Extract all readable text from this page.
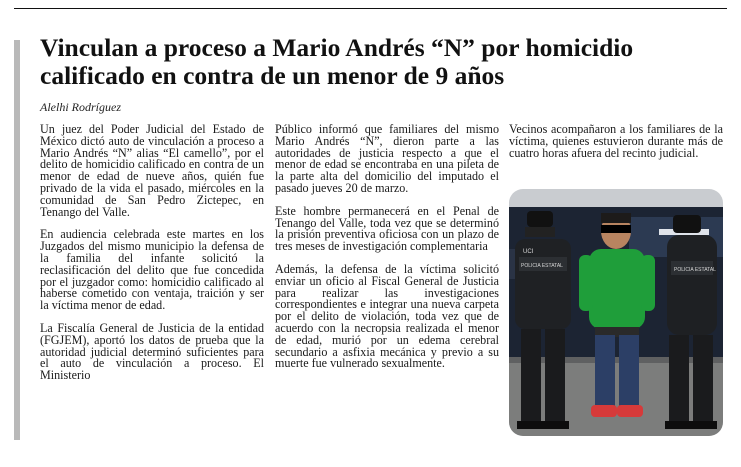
Vinculan a proceso a Mario Andrés “N” por homicidio calificado en contra de un menor de 9 años
Alelhi Rodríguez

Un juez del Poder Judicial del Estado de México dictó auto de vinculación a proceso a Mario Andrés “N” alias “El camello”, por el delito de homicidio calificado en contra de un menor de edad de nueve años, quién fue privado de la vida el pasado, miércoles en la comunidad de San Pedro Zictepec, en Tenango del Valle.

En audiencia celebrada este martes en los Juzgados del mismo municipio la defensa de la familia del infante solicitó la reclasificación del delito que fue concedida por el juzgador como: homicidio calificado al haberse cometido con ventaja, traición y ser la víctima menor de edad.

La Fiscalía General de Justicia de la entidad (FGJEM), aportó los datos de prueba que la autoridad judicial determinó suficientes para el auto de vinculación a proceso. El Ministerio

Público informó que familiares del mismo Mario Andrés “N”, dieron parte a las autoridades de justicia respecto a que el menor de edad se encontraba en una pileta de la parte alta del domicilio del imputado el pasado jueves 20 de marzo.

Este hombre permanecerá en el Penal de Tenango del Valle, toda vez que se determinó la prisión preventiva oficiosa con un plazo de tres meses de investigación complementaria

Además, la defensa de la víctima solicitó enviar un oficio al Fiscal General de Justicia para realizar las investigaciones correspondientes e integrar una nueva carpeta por el delito de violación, toda vez que de acuerdo con la necropsia realizada el menor de edad, murió por un edema cerebral secundario a asfixia mecánica y previo a su muerte fue vulnerado sexualmente.

Vecinos acompañaron a los familiares de la víctima, quienes estuvieron durante más de cuatro horas afuera del recinto judicial.

UCI
POLICIA ESTATAL
POLICIA ESTATAL
